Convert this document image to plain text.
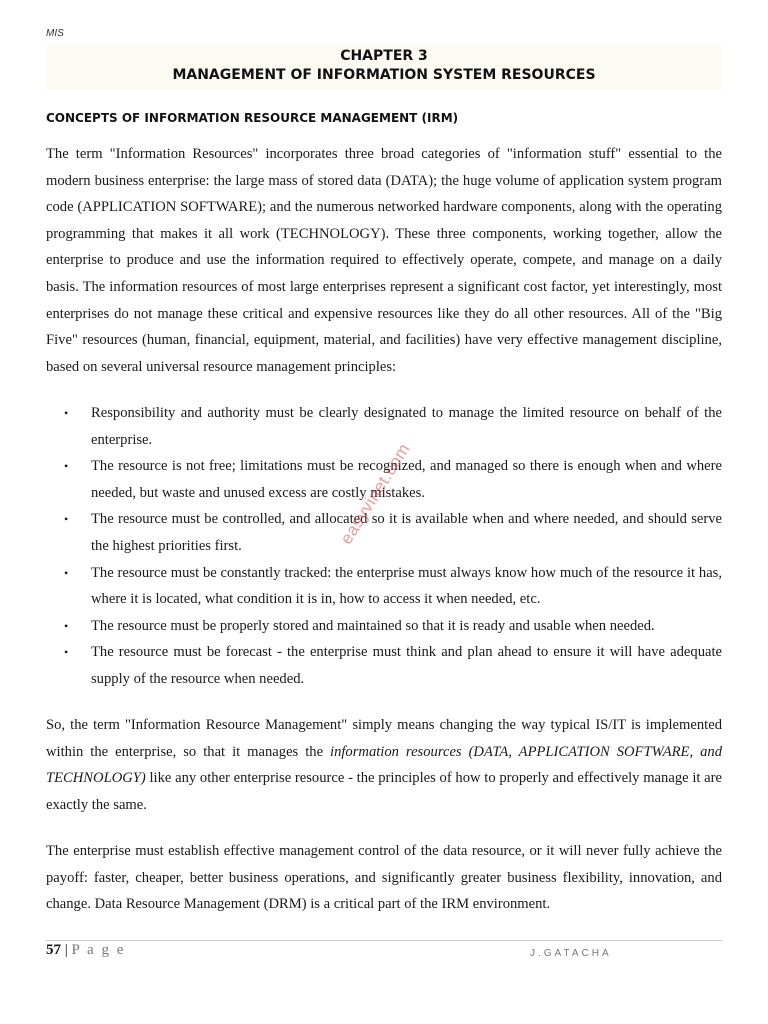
MIS
CHAPTER 3
MANAGEMENT OF INFORMATION SYSTEM RESOURCES
CONCEPTS OF INFORMATION RESOURCE MANAGEMENT (IRM)

The term "Information Resources" incorporates three broad categories of "information stuff" essential to the modern business enterprise: the large mass of stored data (DATA); the huge volume of application system program code (APPLICATION SOFTWARE); and the numerous networked hardware components, along with the operating programming that makes it all work (TECHNOLOGY). These three components, working together, allow the enterprise to produce and use the information required to effectively operate, compete, and manage on a daily basis. The information resources of most large enterprises represent a significant cost factor, yet interestingly, most enterprises do not manage these critical and expensive resources like they do all other resources. All of the "Big Five" resources (human, financial, equipment, material, and facilities) have very effective management discipline, based on several universal resource management principles:

• Responsibility and authority must be clearly designated to manage the limited resource on behalf of the enterprise.
• The resource is not free; limitations must be recognized, and managed so there is enough when and where needed, but waste and unused excess are costly mistakes.
• The resource must be controlled, and allocated so it is available when and where needed, and should serve the highest priorities first.
• The resource must be constantly tracked: the enterprise must always know how much of the resource it has, where it is located, what condition it is in, how to access it when needed, etc.
• The resource must be properly stored and maintained so that it is ready and usable when needed.
• The resource must be forecast - the enterprise must think and plan ahead to ensure it will have adequate supply of the resource when needed.

So, the term "Information Resource Management" simply means changing the way typical IS/IT is implemented within the enterprise, so that it manages the information resources (DATA, APPLICATION SOFTWARE, and TECHNOLOGY) like any other enterprise resource - the principles of how to properly and effectively manage it are exactly the same.

The enterprise must establish effective management control of the data resource, or it will never fully achieve the payoff: faster, cheaper, better business operations, and significantly greater business flexibility, innovation, and change. Data Resource Management (DRM) is a critical part of the IRM environment.

easyvinet.com
57 | P a g e	J.GATACHA
